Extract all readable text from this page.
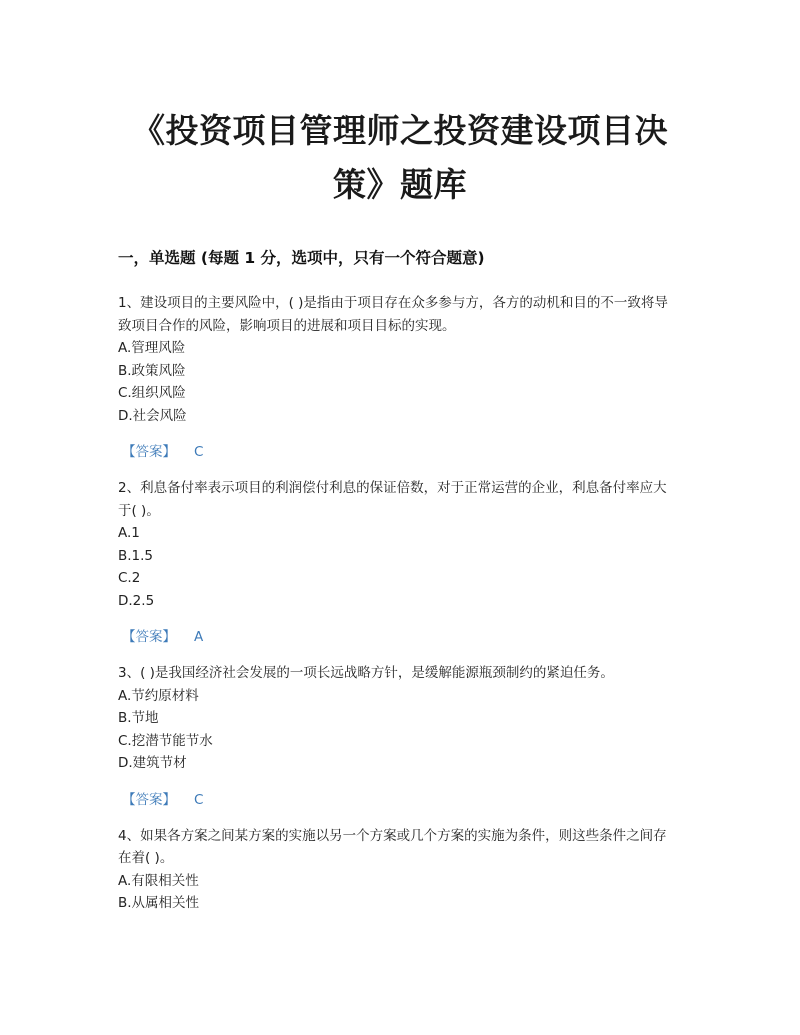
《投资项目管理师之投资建设项目决
策》题库
一，单选题 (每题 1 分，选项中，只有一个符合题意)

1、建设项目的主要风险中，( )是指由于项目存在众多参与方，各方的动机和目的不一致将导致项目合作的风险，影响项目的进展和项目目标的实现。

A.管理风险

B.政策风险

C.组织风险

D.社会风险

【答案】 C

2、利息备付率表示项目的利润偿付利息的保证倍数，对于正常运营的企业，利息备付率应大于( )。

A.1

B.1.5

C.2

D.2.5

【答案】 A

3、( )是我国经济社会发展的一项长远战略方针，是缓解能源瓶颈制约的紧迫任务。

A.节约原材料

B.节地

C.挖潜节能节水

D.建筑节材

【答案】 C

4、如果各方案之间某方案的实施以另一个方案或几个方案的实施为条件，则这些条件之间存在着( )。

A.有限相关性

B.从属相关性
